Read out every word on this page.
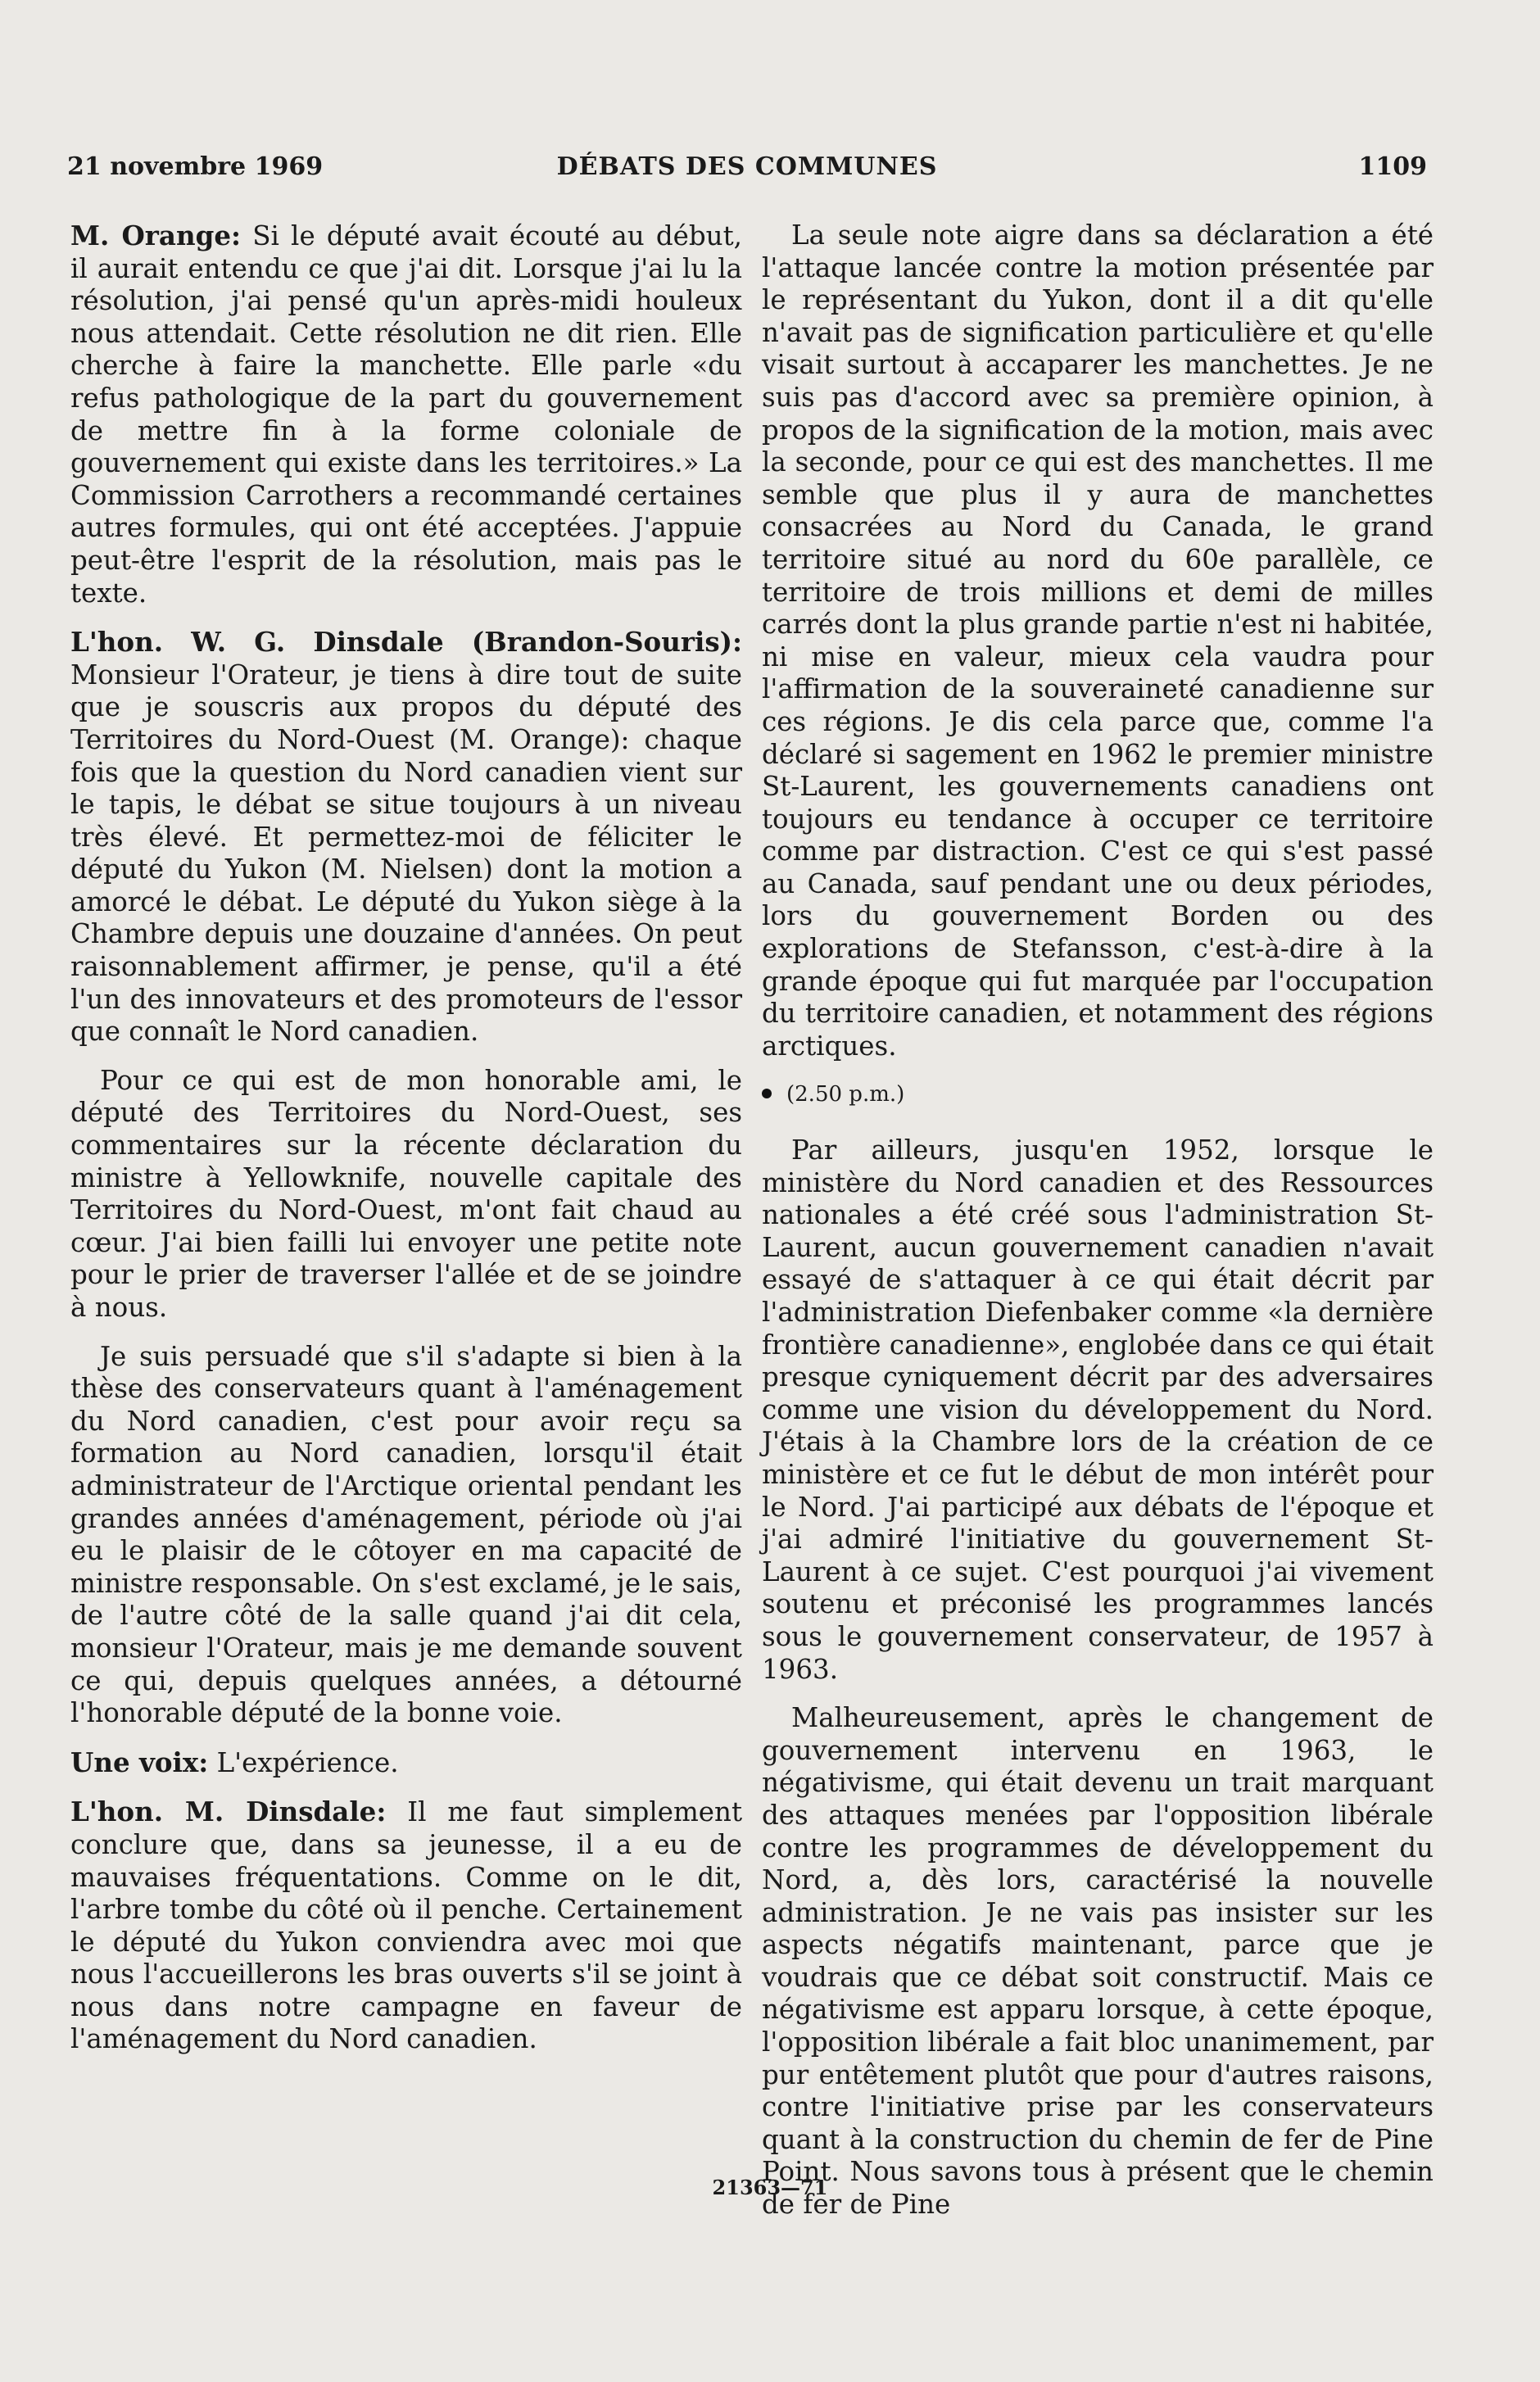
21 novembre 1969	DÉBATS DES COMMUNES	1109

M. Orange: Si le député avait écouté au début, il aurait entendu ce que j'ai dit. Lorsque j'ai lu la résolution, j'ai pensé qu'un après-midi houleux nous attendait. Cette résolution ne dit rien. Elle cherche à faire la manchette. Elle parle «du refus pathologique de la part du gouvernement de mettre fin à la forme coloniale de gouvernement qui existe dans les territoires.» La Commission Carrothers a recommandé certaines autres formules, qui ont été acceptées. J'appuie peut-être l'esprit de la résolution, mais pas le texte.

L'hon. W. G. Dinsdale (Brandon-Souris): Monsieur l'Orateur, je tiens à dire tout de suite que je souscris aux propos du député des Territoires du Nord-Ouest (M. Orange): chaque fois que la question du Nord canadien vient sur le tapis, le débat se situe toujours à un niveau très élevé. Et permettez-moi de féliciter le député du Yukon (M. Nielsen) dont la motion a amorcé le débat. Le député du Yukon siège à la Chambre depuis une douzaine d'années. On peut raisonnablement affirmer, je pense, qu'il a été l'un des innovateurs et des promoteurs de l'essor que connaît le Nord canadien.

Pour ce qui est de mon honorable ami, le député des Territoires du Nord-Ouest, ses commentaires sur la récente déclaration du ministre à Yellowknife, nouvelle capitale des Territoires du Nord-Ouest, m'ont fait chaud au cœur. J'ai bien failli lui envoyer une petite note pour le prier de traverser l'allée et de se joindre à nous.

Je suis persuadé que s'il s'adapte si bien à la thèse des conservateurs quant à l'aménagement du Nord canadien, c'est pour avoir reçu sa formation au Nord canadien, lorsqu'il était administrateur de l'Arctique oriental pendant les grandes années d'aménagement, période où j'ai eu le plaisir de le côtoyer en ma capacité de ministre responsable. On s'est exclamé, je le sais, de l'autre côté de la salle quand j'ai dit cela, monsieur l'Orateur, mais je me demande souvent ce qui, depuis quelques années, a détourné l'honorable député de la bonne voie.

Une voix: L'expérience.

L'hon. M. Dinsdale: Il me faut simplement conclure que, dans sa jeunesse, il a eu de mauvaises fréquentations. Comme on le dit, l'arbre tombe du côté où il penche. Certainement le député du Yukon conviendra avec moi que nous l'accueillerons les bras ouverts s'il se joint à nous dans notre campagne en faveur de l'aménagement du Nord canadien.

La seule note aigre dans sa déclaration a été l'attaque lancée contre la motion présentée par le représentant du Yukon, dont il a dit qu'elle n'avait pas de signification particulière et qu'elle visait surtout à accaparer les manchettes. Je ne suis pas d'accord avec sa première opinion, à propos de la signification de la motion, mais avec la seconde, pour ce qui est des manchettes. Il me semble que plus il y aura de manchettes consacrées au Nord du Canada, le grand territoire situé au nord du 60e parallèle, ce territoire de trois millions et demi de milles carrés dont la plus grande partie n'est ni habitée, ni mise en valeur, mieux cela vaudra pour l'affirmation de la souveraineté canadienne sur ces régions. Je dis cela parce que, comme l'a déclaré si sagement en 1962 le premier ministre St-Laurent, les gouvernements canadiens ont toujours eu tendance à occuper ce territoire comme par distraction. C'est ce qui s'est passé au Canada, sauf pendant une ou deux périodes, lors du gouvernement Borden ou des explorations de Stefansson, c'est-à-dire à la grande époque qui fut marquée par l'occupation du territoire canadien, et notamment des régions arctiques.

(2.50 p.m.)

Par ailleurs, jusqu'en 1952, lorsque le ministère du Nord canadien et des Ressources nationales a été créé sous l'administration St-Laurent, aucun gouvernement canadien n'avait essayé de s'attaquer à ce qui était décrit par l'administration Diefenbaker comme «la dernière frontière canadienne», englobée dans ce qui était presque cyniquement décrit par des adversaires comme une vision du développement du Nord. J'étais à la Chambre lors de la création de ce ministère et ce fut le début de mon intérêt pour le Nord. J'ai participé aux débats de l'époque et j'ai admiré l'initiative du gouvernement St-Laurent à ce sujet. C'est pourquoi j'ai vivement soutenu et préconisé les programmes lancés sous le gouvernement conservateur, de 1957 à 1963.

Malheureusement, après le changement de gouvernement intervenu en 1963, le négativisme, qui était devenu un trait marquant des attaques menées par l'opposition libérale contre les programmes de développement du Nord, a, dès lors, caractérisé la nouvelle administration. Je ne vais pas insister sur les aspects négatifs maintenant, parce que je voudrais que ce débat soit constructif. Mais ce négativisme est apparu lorsque, à cette époque, l'opposition libérale a fait bloc unanimement, par pur entêtement plutôt que pour d'autres raisons, contre l'initiative prise par les conservateurs quant à la construction du chemin de fer de Pine Point. Nous savons tous à présent que le chemin de fer de Pine

21363—71
